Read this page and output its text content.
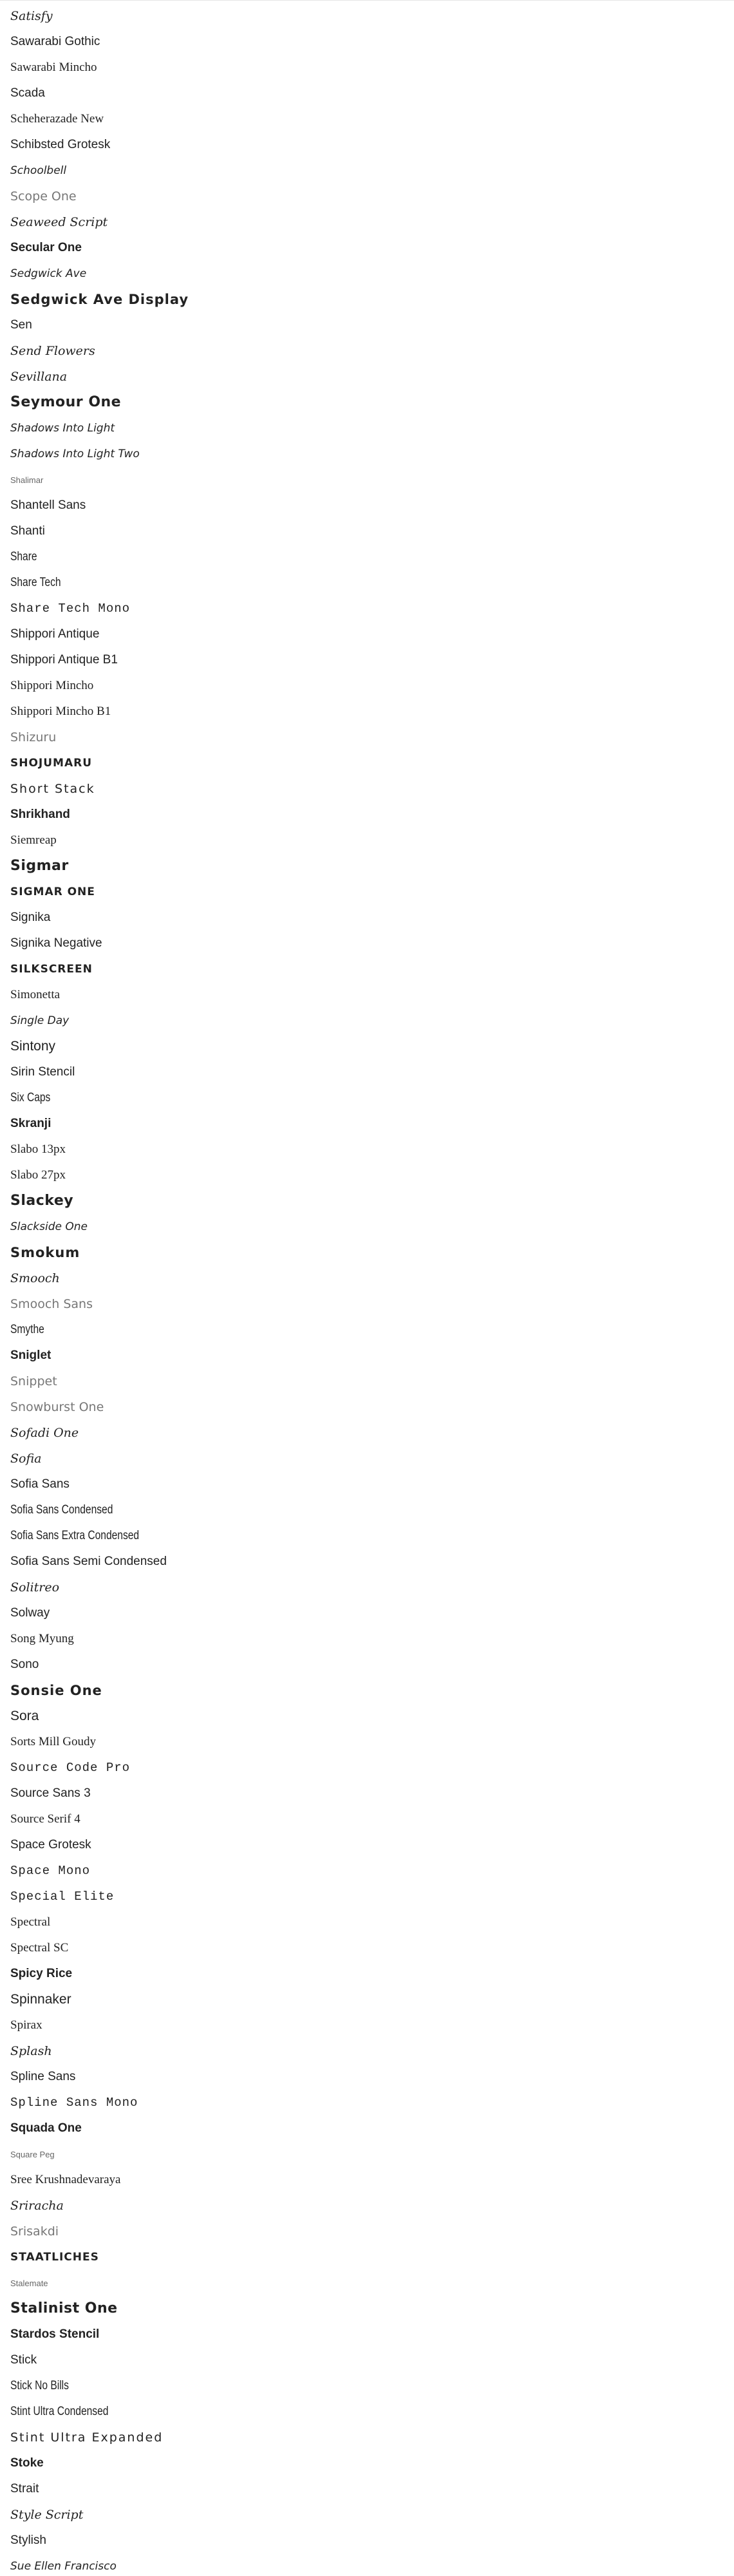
Satisfy
Sawarabi Gothic
Sawarabi Mincho
Scada
Scheherazade New
Schibsted Grotesk
Schoolbell
Scope One
Seaweed Script
Secular One
Sedgwick Ave
Sedgwick Ave Display
Sen
Send Flowers
Sevillana
Seymour One
Shadows Into Light
Shadows Into Light Two
Shalimar
Shantell Sans
Shanti
Share
Share Tech
Share Tech Mono
Shippori Antique
Shippori Antique B1
Shippori Mincho
Shippori Mincho B1
Shizuru
SHOJUMARU
Short Stack
Shrikhand
Siemreap
Sigmar
SIGMAR ONE
Signika
Signika Negative
SILKSCREEN
Simonetta
Single Day
Sintony
Sirin Stencil
Six Caps
Skranji
Slabo 13px
Slabo 27px
Slackey
Slackside One
Smokum
Smooch
Smooch Sans
Smythe
Sniglet
Snippet
Snowburst One
Sofadi One
Sofia
Sofia Sans
Sofia Sans Condensed
Sofia Sans Extra Condensed
Sofia Sans Semi Condensed
Solitreo
Solway
Song Myung
Sono
Sonsie One
Sora
Sorts Mill Goudy
Source Code Pro
Source Sans 3
Source Serif 4
Space Grotesk
Space Mono
Special Elite
Spectral
Spectral SC
Spicy Rice
Spinnaker
Spirax
Splash
Spline Sans
Spline Sans Mono
Squada One
Square Peg
Sree Krushnadevaraya
Sriracha
Srisakdi
STAATLICHES
Stalemate
Stalinist One
Stardos Stencil
Stick
Stick No Bills
Stint Ultra Condensed
Stint Ultra Expanded
Stoke
Strait
Style Script
Stylish
Sue Ellen Francisco
